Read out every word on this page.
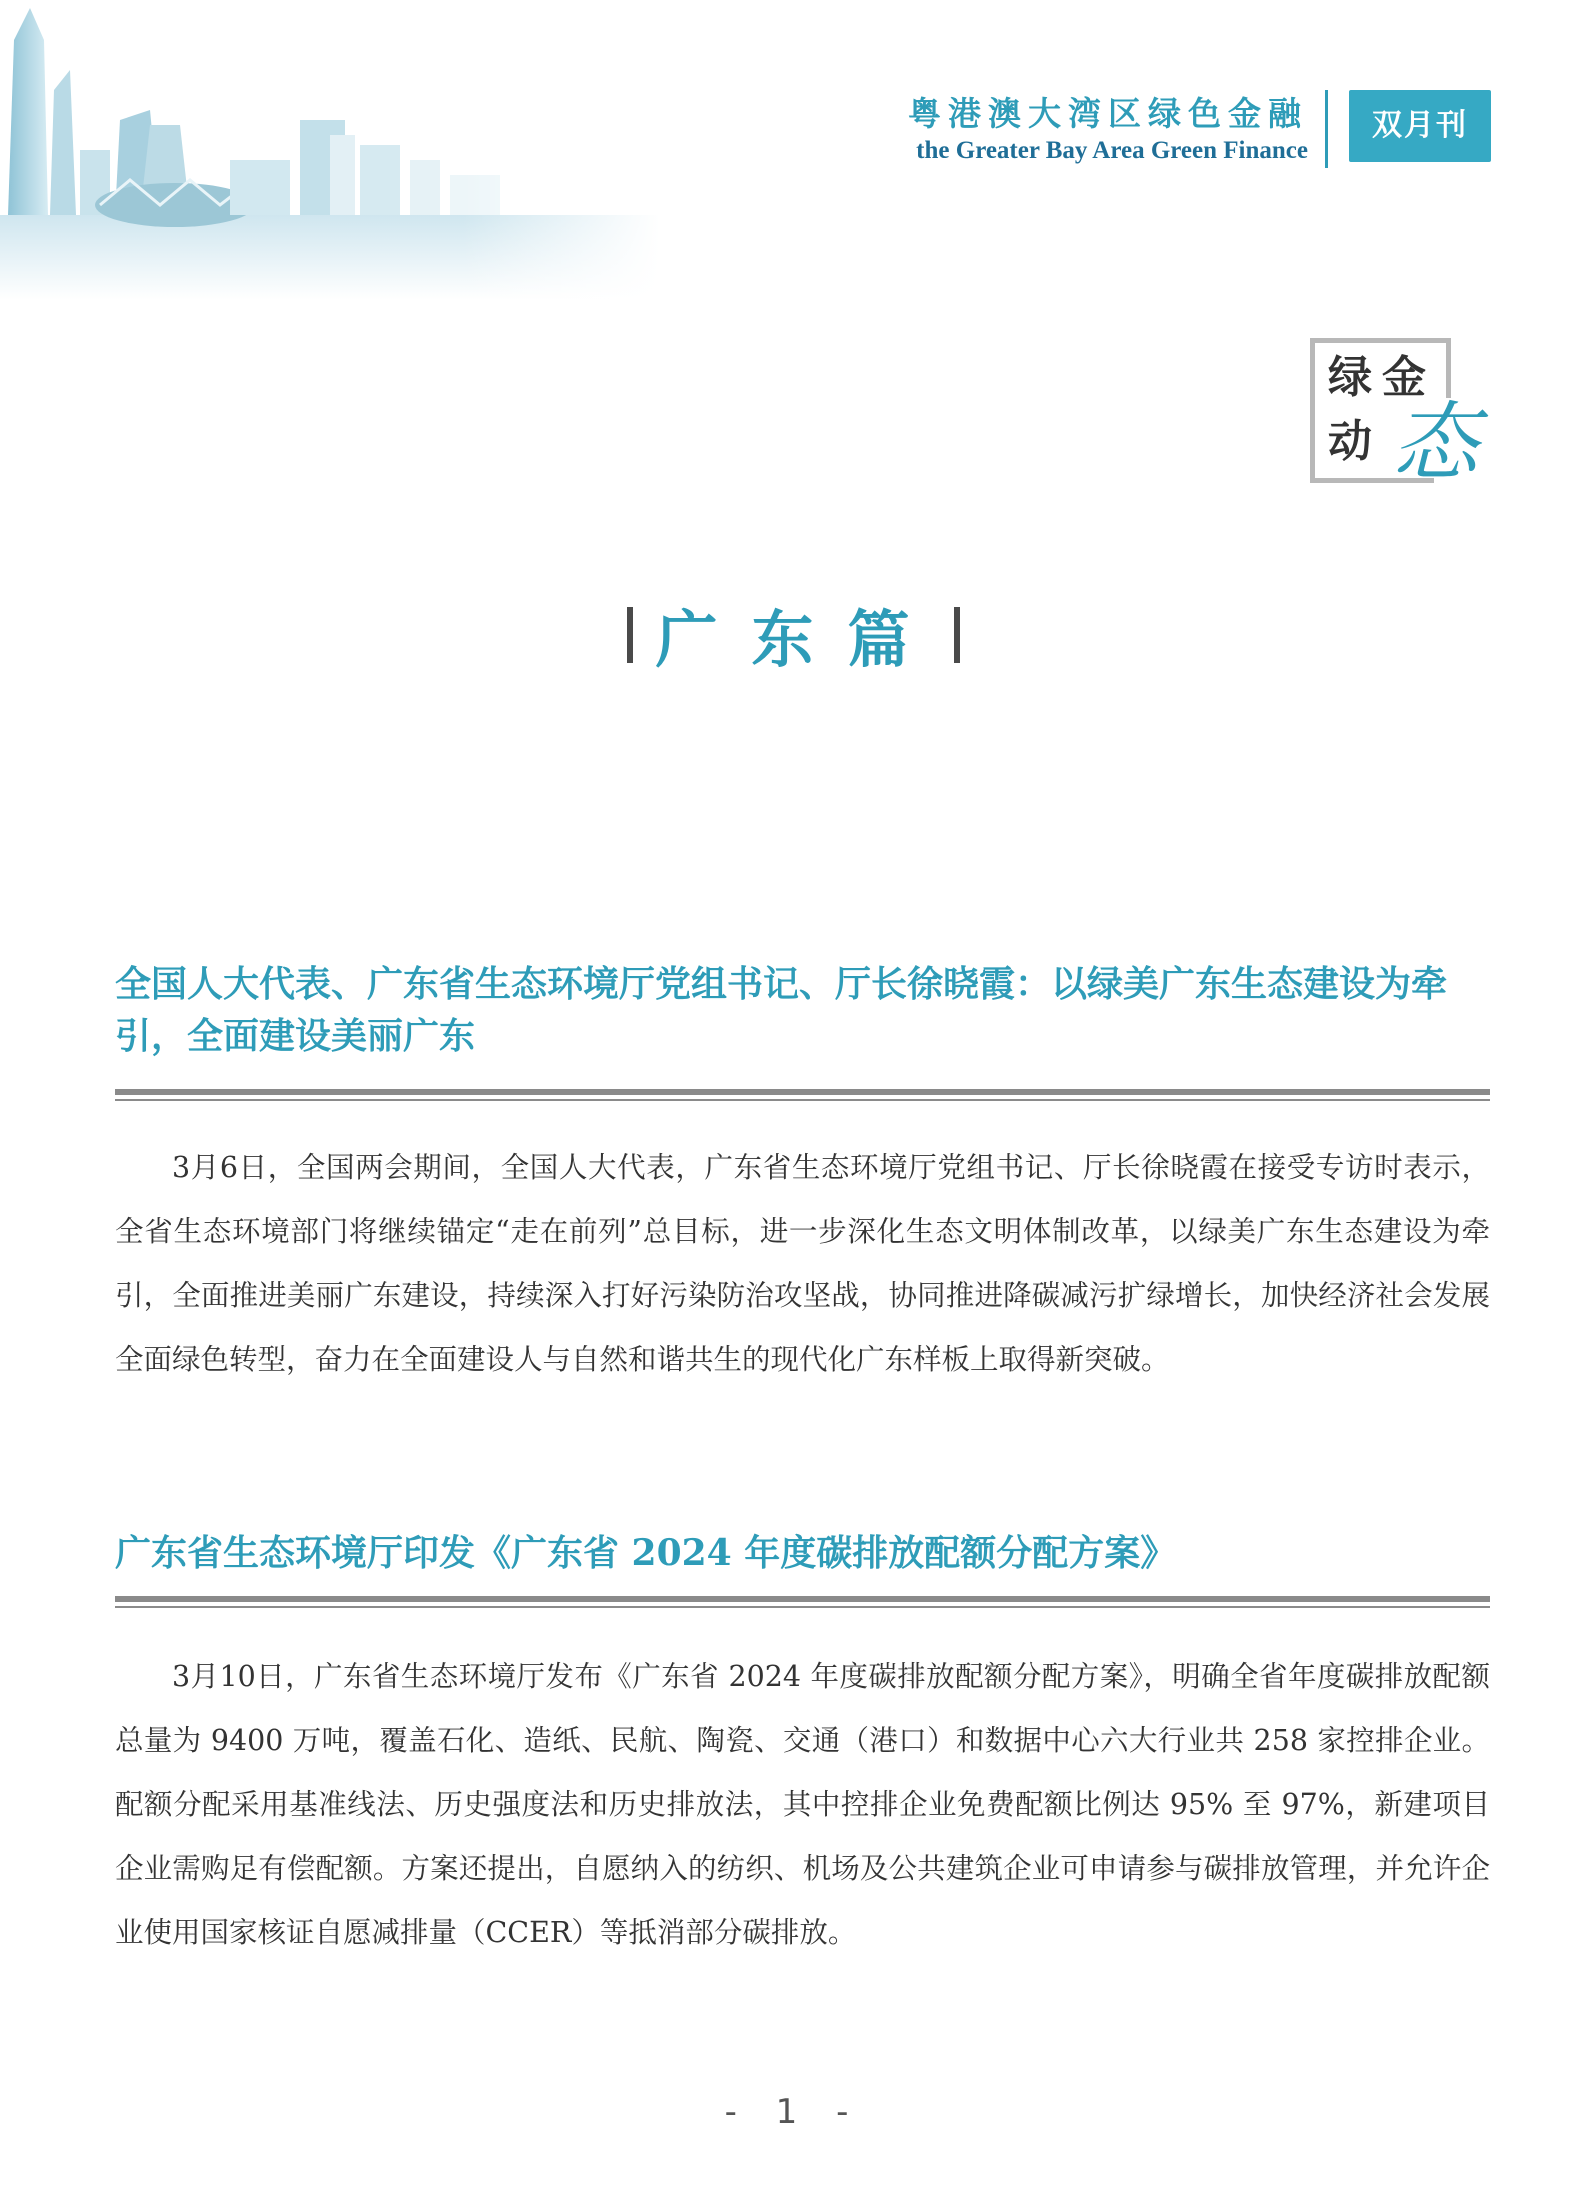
粤港澳大湾区绿色金融
the Greater Bay Area Green Finance
双月刊
绿 金
动 态
广东篇
全国人大代表、广东省生态环境厅党组书记、厅长徐晓霞：以绿美广东生态建设为牵引，全面建设美丽广东
3月6日，全国两会期间，全国人大代表，广东省生态环境厅党组书记、厅长徐晓霞在接受专访时表示，全省生态环境部门将继续锚定“走在前列”总目标，进一步深化生态文明体制改革，以绿美广东生态建设为牵引，全面推进美丽广东建设，持续深入打好污染防治攻坚战，协同推进降碳减污扩绿增长，加快经济社会发展全面绿色转型，奋力在全面建设人与自然和谐共生的现代化广东样板上取得新突破。
广东省生态环境厅印发《广东省 2024 年度碳排放配额分配方案》
3月10日，广东省生态环境厅发布《广东省 2024 年度碳排放配额分配方案》，明确全省年度碳排放配额总量为 9400 万吨，覆盖石化、造纸、民航、陶瓷、交通（港口）和数据中心六大行业共 258 家控排企业。配额分配采用基准线法、历史强度法和历史排放法，其中控排企业免费配额比例达 95% 至 97%，新建项目企业需购足有偿配额。方案还提出，自愿纳入的纺织、机场及公共建筑企业可申请参与碳排放管理，并允许企业使用国家核证自愿减排量（CCER）等抵消部分碳排放。
- 1 -
